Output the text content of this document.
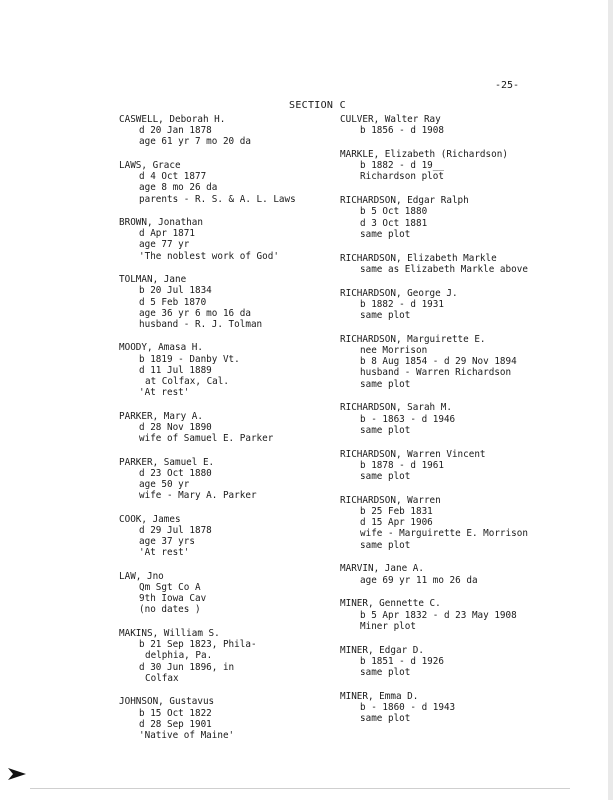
-25-
SECTION C
CASWELL, Deborah H.
d 20 Jan 1878
age 61 yr 7 mo 20 da
LAWS, Grace
d 4 Oct 1877
age 8 mo 26 da
parents - R. S. & A. L. Laws
BROWN, Jonathan
d Apr 1871
age 77 yr
'The noblest work of God'
TOLMAN, Jane
b 20 Jul 1834
d 5 Feb 1870
age 36 yr 6 mo 16 da
husband - R. J. Tolman
MOODY, Amasa H.
b 1819 - Danby Vt.
d 11 Jul 1889
at Colfax, Cal.
'At rest'
PARKER, Mary A.
d 28 Nov 1890
wife of Samuel E. Parker
PARKER, Samuel E.
d 23 Oct 1880
age 50 yr
wife - Mary A. Parker
COOK, James
d 29 Jul 1878
age 37 yrs
'At rest'
LAW, Jno
Qm Sgt Co A
9th Iowa Cav
(no dates )
MAKINS, William S.
b 21 Sep 1823, Phila-
delphia, Pa.
d 30 Jun 1896, in
Colfax
JOHNSON, Gustavus
b 15 Oct 1822
d 28 Sep 1901
'Native of Maine'
CULVER, Walter Ray
b 1856 - d 1908
MARKLE, Elizabeth (Richardson)
b 1882 - d 19__
Richardson plot
RICHARDSON, Edgar Ralph
b 5 Oct 1880
d 3 Oct 1881
same plot
RICHARDSON, Elizabeth Markle
same as Elizabeth Markle above
RICHARDSON, George J.
b 1882 - d 1931
same plot
RICHARDSON, Marguirette E.
nee Morrison
b 8 Aug 1854 - d 29 Nov 1894
husband - Warren Richardson
same plot
RICHARDSON, Sarah M.
b - 1863 - d 1946
same plot
RICHARDSON, Warren Vincent
b 1878 - d 1961
same plot
RICHARDSON, Warren
b 25 Feb 1831
d 15 Apr 1906
wife - Marguirette E. Morrison
same plot
MARVIN, Jane A.
age 69 yr 11 mo 26 da
MINER, Gennette C.
b 5 Apr 1832 - d 23 May 1908
Miner plot
MINER, Edgar D.
b 1851 - d 1926
same plot
MINER, Emma D.
b - 1860 - d 1943
same plot
